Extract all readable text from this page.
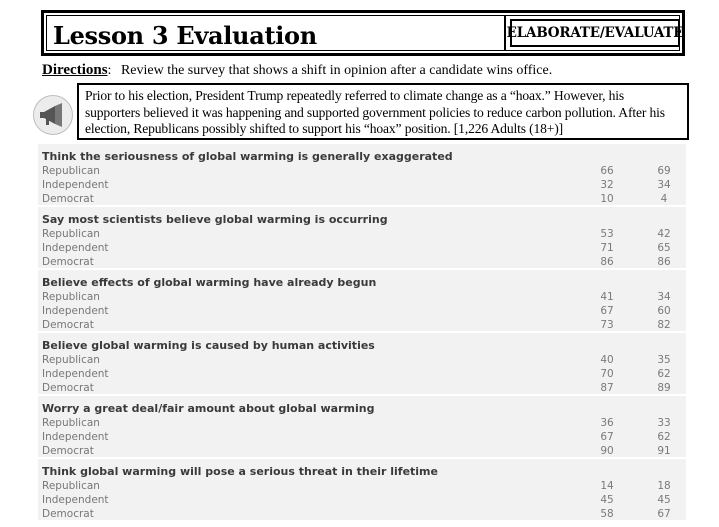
Lesson 3 Evaluation	ELABORATE/EVALUATE
Directions: Review the survey that shows a shift in opinion after a candidate wins office.
Prior to his election, President Trump repeatedly referred to climate change as a “hoax.” However, his supporters believed it was happening and supported government policies to reduce carbon pollution. After his election, Republicans possibly shifted to support his “hoax” position. [1,226 Adults (18+)]
Think the seriousness of global warming is generally exaggerated
Republican	66	69
Independent	32	34
Democrat	10	4
Say most scientists believe global warming is occurring
Republican	53	42
Independent	71	65
Democrat	86	86
Believe effects of global warming have already begun
Republican	41	34
Independent	67	60
Democrat	73	82
Believe global warming is caused by human activities
Republican	40	35
Independent	70	62
Democrat	87	89
Worry a great deal/fair amount about global warming
Republican	36	33
Independent	67	62
Democrat	90	91
Think global warming will pose a serious threat in their lifetime
Republican	14	18
Independent	45	45
Democrat	58	67
